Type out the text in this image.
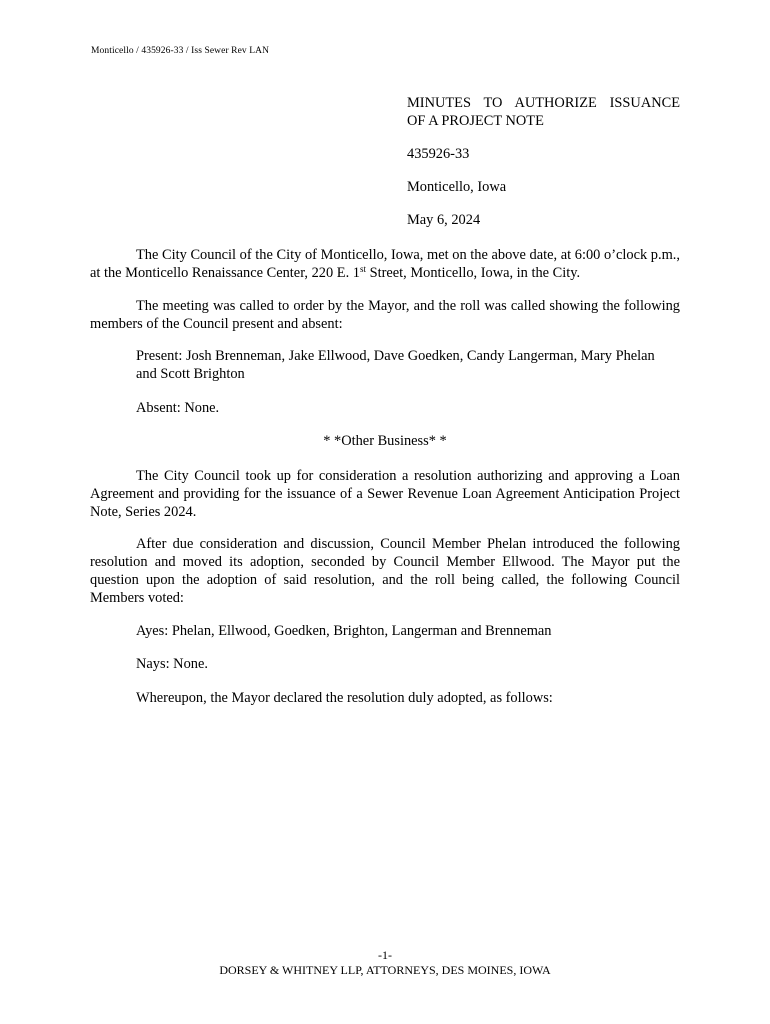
Monticello / 435926-33 / Iss Sewer Rev LAN
MINUTES TO AUTHORIZE ISSUANCE
OF A PROJECT NOTE
435926-33
Monticello, Iowa
May 6, 2024
The City Council of the City of Monticello, Iowa, met on the above date, at 6:00 o’clock p.m., at the Monticello Renaissance Center, 220 E. 1st Street, Monticello, Iowa, in the City.
The meeting was called to order by the Mayor, and the roll was called showing the following members of the Council present and absent:
Present: Josh Brenneman, Jake Ellwood, Dave Goedken, Candy Langerman, Mary Phelan and Scott Brighton
Absent: None.
* *Other Business* *
The City Council took up for consideration a resolution authorizing and approving a Loan Agreement and providing for the issuance of a Sewer Revenue Loan Agreement Anticipation Project Note, Series 2024.
After due consideration and discussion, Council Member Phelan introduced the following resolution and moved its adoption, seconded by Council Member Ellwood. The Mayor put the question upon the adoption of said resolution, and the roll being called, the following Council Members voted:
Ayes: Phelan, Ellwood, Goedken, Brighton, Langerman and Brenneman
Nays: None.
Whereupon, the Mayor declared the resolution duly adopted, as follows:
-1-
DORSEY & WHITNEY LLP, ATTORNEYS, DES MOINES, IOWA
